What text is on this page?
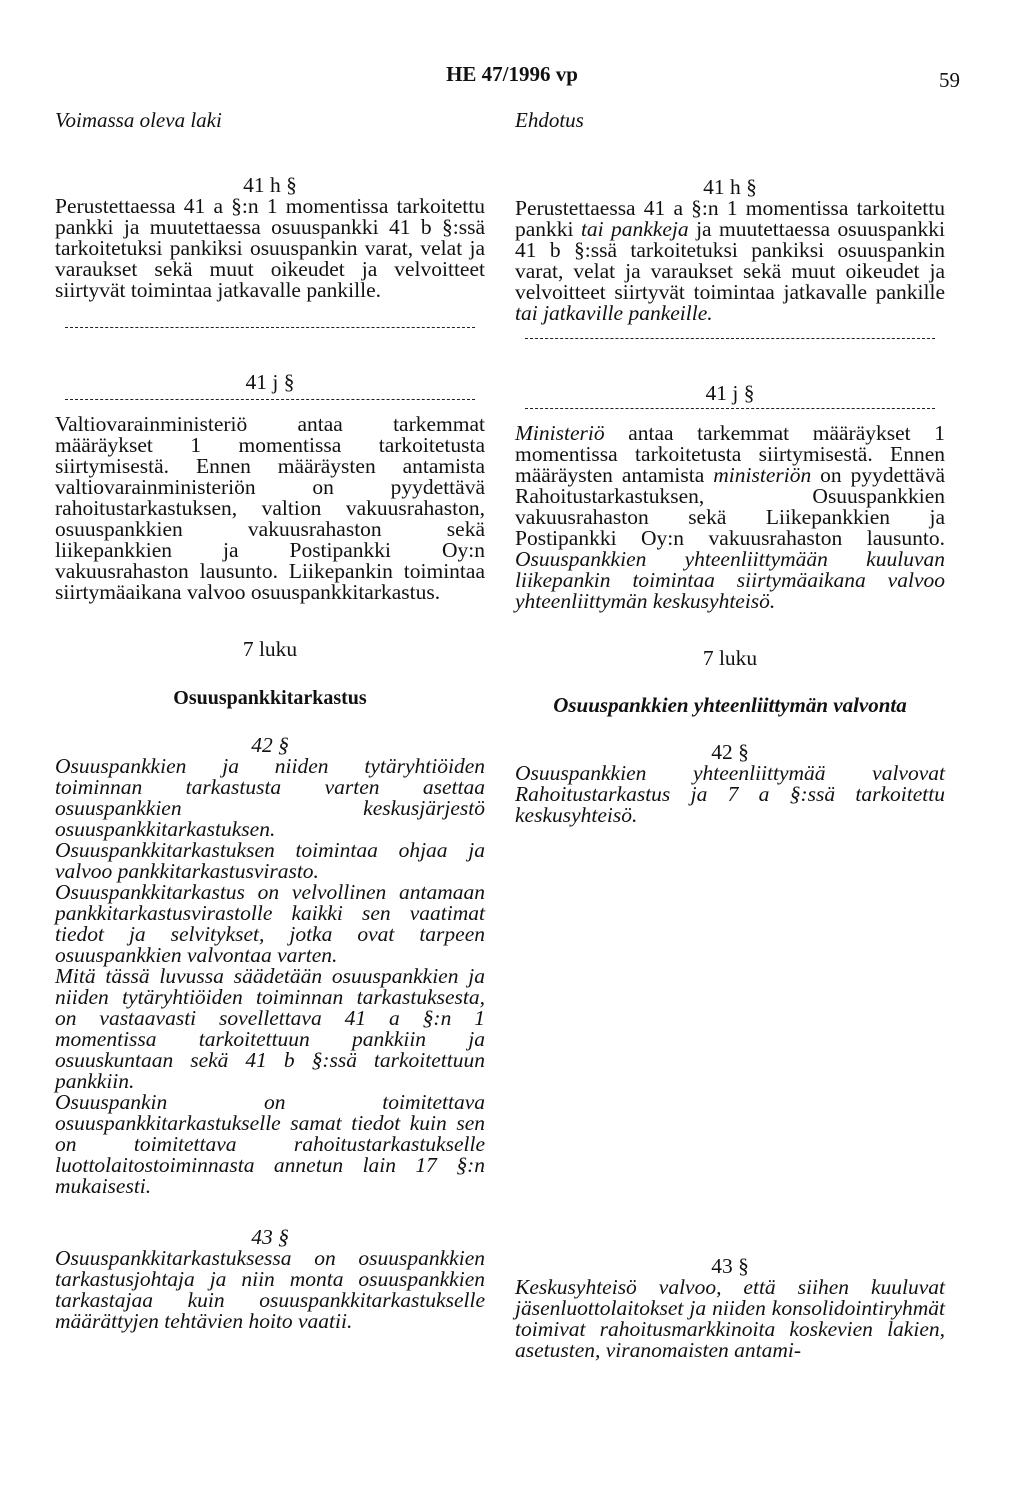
HE 47/1996 vp	59
Voimassa oleva laki

41 h §

Perustettaessa 41 a §:n 1 momentissa tarkoitettu pankki ja muutettaessa osuuspankki 41 b §:ssä tarkoitetuksi pankiksi osuuspankin varat, velat ja varaukset sekä muut oikeudet ja velvoitteet siirtyvät toimintaa jatkavalle pankille.

41 j §

Valtiovarainministeriö antaa tarkemmat määräykset 1 momentissa tarkoitetusta siirtymisestä. Ennen määräysten antamista valtiovarainministeriön on pyydettävä rahoitustarkastuksen, valtion vakuusrahaston, osuuspankkien vakuusrahaston sekä liikepankkien ja Postipankki Oy:n vakuusrahaston lausunto. Liikepankin toimintaa siirtymäaikana valvoo osuuspankkitarkastus.

7 luku

Osuuspankkitarkastus

42 §

Osuuspankkien ja niiden tytäryhtiöiden toiminnan tarkastusta varten asettaa osuuspankkien keskusjärjestö osuuspankkitarkastuksen.

Osuuspankkitarkastuksen toimintaa ohjaa ja valvoo pankkitarkastusvirasto.

Osuuspankkitarkastus on velvollinen antamaan pankkitarkastusvirastolle kaikki sen vaatimat tiedot ja selvitykset, jotka ovat tarpeen osuuspankkien valvontaa varten.

Mitä tässä luvussa säädetään osuuspankkien ja niiden tytäryhtiöiden toiminnan tarkastuksesta, on vastaavasti sovellettava 41 a §:n 1 momentissa tarkoitettuun pankkiin ja osuuskuntaan sekä 41 b §:ssä tarkoitettuun pankkiin.

Osuuspankin on toimitettava osuuspankkitarkastukselle samat tiedot kuin sen on toimitettava rahoitustarkastukselle luottolaitostoiminnasta annetun lain 17 §:n mukaisesti.

43 §

Osuuspankkitarkastuksessa on osuuspankkien tarkastusjohtaja ja niin monta osuuspankkien tarkastajaa kuin osuuspankkitarkastukselle määrättyjen tehtävien hoito vaatii.

Ehdotus

41 h §

Perustettaessa 41 a §:n 1 momentissa tarkoitettu pankki tai pankkeja ja muutettaessa osuuspankki 41 b §:ssä tarkoitetuksi pankiksi osuuspankin varat, velat ja varaukset sekä muut oikeudet ja velvoitteet siirtyvät toimintaa jatkavalle pankille tai jatkaville pankeille.

41 j §

Ministeriö antaa tarkemmat määräykset 1 momentissa tarkoitetusta siirtymisestä. Ennen määräysten antamista ministeriön on pyydettävä Rahoitustarkastuksen, Osuuspankkien vakuusrahaston sekä Liikepankkien ja Postipankki Oy:n vakuusrahaston lausunto. Osuuspankkien yhteenliittymään kuuluvan liikepankin toimintaa siirtymäaikana valvoo yhteenliittymän keskusyhteisö.

7 luku

Osuuspankkien yhteenliittymän valvonta

42 §

Osuuspankkien yhteenliittymää valvovat Rahoitustarkastus ja 7 a §:ssä tarkoitettu keskusyhteisö.

43 §

Keskusyhteisö valvoo, että siihen kuuluvat jäsenluottolaitokset ja niiden konsolidointiryhmät toimivat rahoitusmarkkinoita koskevien lakien, asetusten, viranomaisten antami-
